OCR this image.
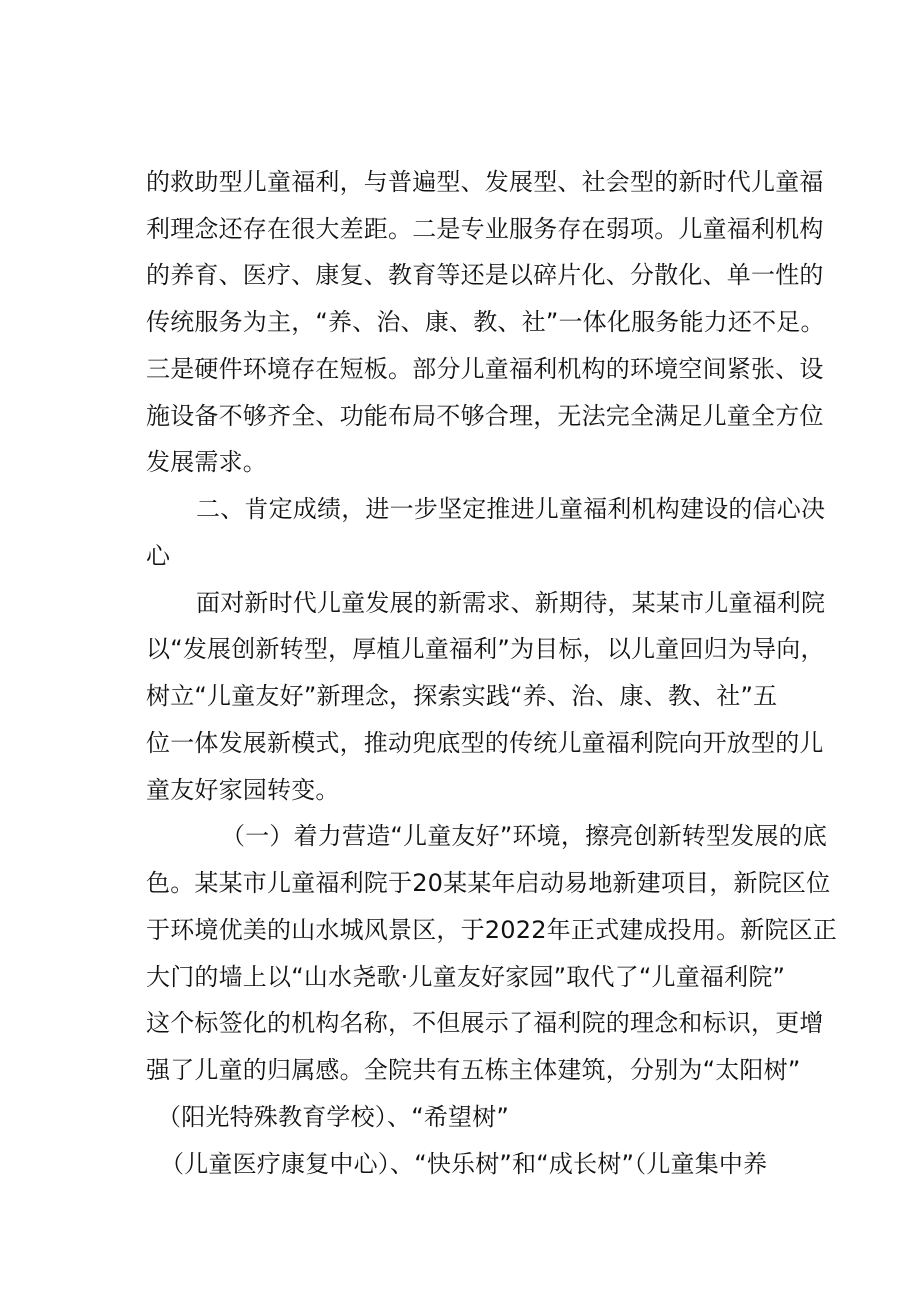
的救助型儿童福利，与普遍型、发展型、社会型的新时代儿童福
利理念还存在很大差距。二是专业服务存在弱项。儿童福利机构
的养育、医疗、康复、教育等还是以碎片化、分散化、单一性的
传统服务为主，“养、治、康、教、社”一体化服务能力还不足。
三是硬件环境存在短板。部分儿童福利机构的环境空间紧张、设
施设备不够齐全、功能布局不够合理，无法完全满足儿童全方位
发展需求。
二、肯定成绩，进一步坚定推进儿童福利机构建设的信心决
心
面对新时代儿童发展的新需求、新期待，某某市儿童福利院
以“发展创新转型，厚植儿童福利”为目标，以儿童回归为导向，
树立“儿童友好”新理念，探索实践“养、治、康、教、社”五
位一体发展新模式，推动兜底型的传统儿童福利院向开放型的儿
童友好家园转变。
（一）着力营造“儿童友好”环境，擦亮创新转型发展的底
色。某某市儿童福利院于20某某年启动易地新建项目，新院区位
于环境优美的山水城风景区，于2022年正式建成投用。新院区正
大门的墙上以“山水尧歌·儿童友好家园”取代了“儿童福利院”
这个标签化的机构名称，不但展示了福利院的理念和标识，更增
强了儿童的归属感。全院共有五栋主体建筑，分别为“太阳树”
（阳光特殊教育学校）、“希望树”
（儿童医疗康复中心）、“快乐树”和“成长树”（儿童集中养
